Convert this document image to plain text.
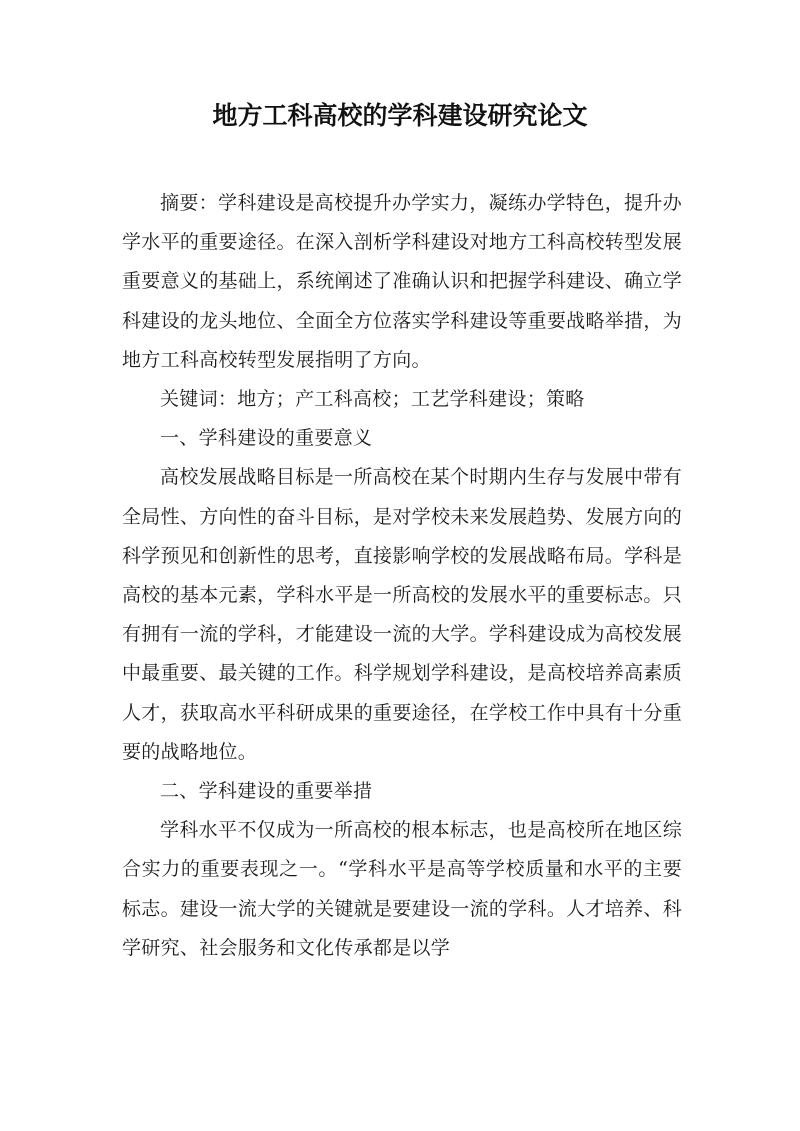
地方工科高校的学科建设研究论文

摘要：学科建设是高校提升办学实力，凝练办学特色，提升办学水平的重要途径。在深入剖析学科建设对地方工科高校转型发展重要意义的基础上，系统阐述了准确认识和把握学科建设、确立学科建设的龙头地位、全面全方位落实学科建设等重要战略举措，为地方工科高校转型发展指明了方向。

关键词：地方；产工科高校；工艺学科建设；策略

一、学科建设的重要意义

高校发展战略目标是一所高校在某个时期内生存与发展中带有全局性、方向性的奋斗目标，是对学校未来发展趋势、发展方向的科学预见和创新性的思考，直接影响学校的发展战略布局。学科是高校的基本元素，学科水平是一所高校的发展水平的重要标志。只有拥有一流的学科，才能建设一流的大学。学科建设成为高校发展中最重要、最关键的工作。科学规划学科建设，是高校培养高素质人才，获取高水平科研成果的重要途径，在学校工作中具有十分重要的战略地位。

二、学科建设的重要举措

学科水平不仅成为一所高校的根本标志，也是高校所在地区综合实力的重要表现之一。“学科水平是高等学校质量和水平的主要标志。建设一流大学的关键就是要建设一流的学科。人才培养、科学研究、社会服务和文化传承都是以学
